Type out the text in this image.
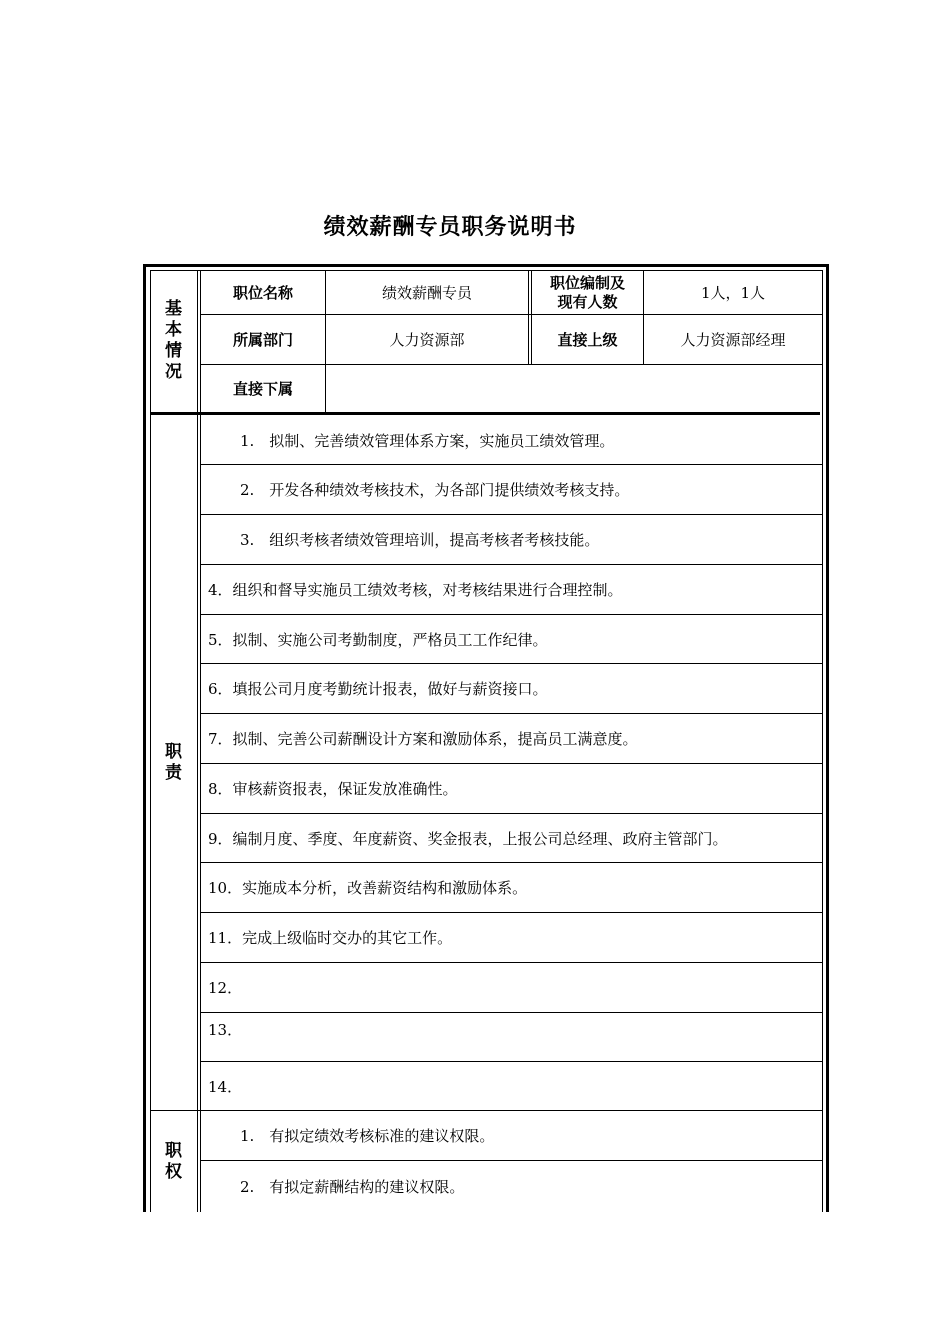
绩效薪酬专员职务说明书
基
本
情
况
职位名称	绩效薪酬专员
职位编制及
现有人数	1人，1人
所属部门	人力资源部	直接上级	人力资源部经理
直接下属
职
责
1.　拟制、完善绩效管理体系方案，实施员工绩效管理。
2.　开发各种绩效考核技术，为各部门提供绩效考核支持。
3.　组织考核者绩效管理培训，提高考核者考核技能。
4．组织和督导实施员工绩效考核，对考核结果进行合理控制。
5．拟制、实施公司考勤制度，严格员工工作纪律。
6．填报公司月度考勤统计报表，做好与薪资接口。
7．拟制、完善公司薪酬设计方案和激励体系，提高员工满意度。
8．审核薪资报表，保证发放准确性。
9．编制月度、季度、年度薪资、奖金报表，上报公司总经理、政府主管部门。
10．实施成本分析，改善薪资结构和激励体系。
11．完成上级临时交办的其它工作。
12．
13．
14．
职
权
1.　有拟定绩效考核标准的建议权限。
2.　有拟定薪酬结构的建议权限。
